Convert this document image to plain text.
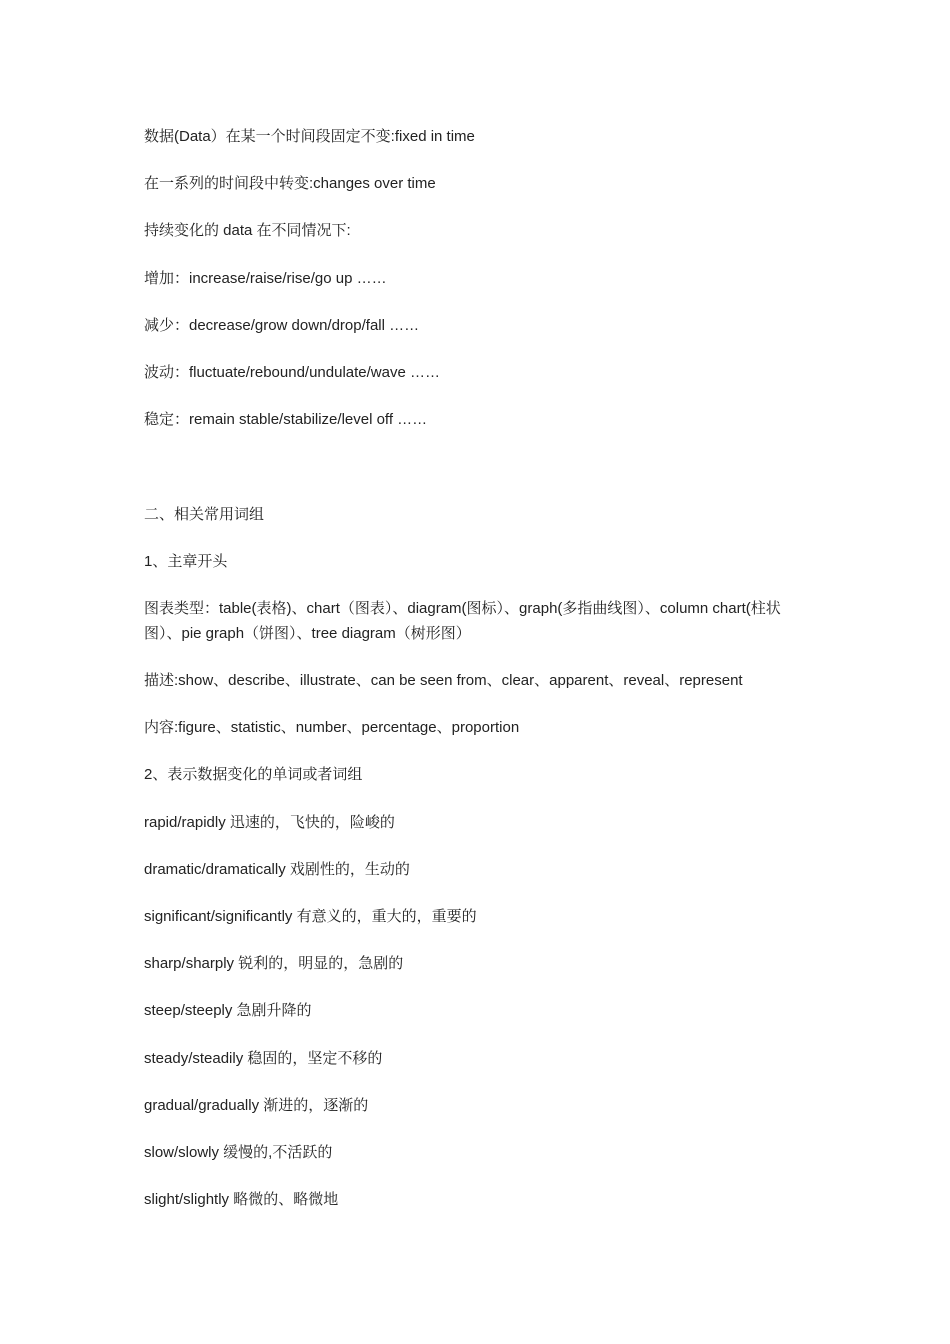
数据(Data）在某一个时间段固定不变:fixed in time
在一系列的时间段中转变:changes over time
持续变化的 data 在不同情况下:
增加：increase/raise/rise/go up ……
减少：decrease/grow down/drop/fall ……
波动：fluctuate/rebound/undulate/wave ……
稳定：remain stable/stabilize/level off ……
二、相关常用词组
1、主章开头
图表类型：table(表格)、chart（图表）、diagram(图标）、graph(多指曲线图）、column chart(柱状图）、pie graph（饼图）、tree diagram（树形图）
描述:show、describe、illustrate、can be seen from、clear、apparent、reveal、represent
内容:figure、statistic、number、percentage、proportion
2、表示数据变化的单词或者词组
rapid/rapidly 迅速的，飞快的，险峻的
dramatic/dramatically 戏剧性的，生动的
significant/significantly 有意义的，重大的，重要的
sharp/sharply 锐利的，明显的，急剧的
steep/steeply 急剧升降的
steady/steadily 稳固的，坚定不移的
gradual/gradually 渐进的，逐渐的
slow/slowly 缓慢的,不活跃的
slight/slightly 略微的、略微地
